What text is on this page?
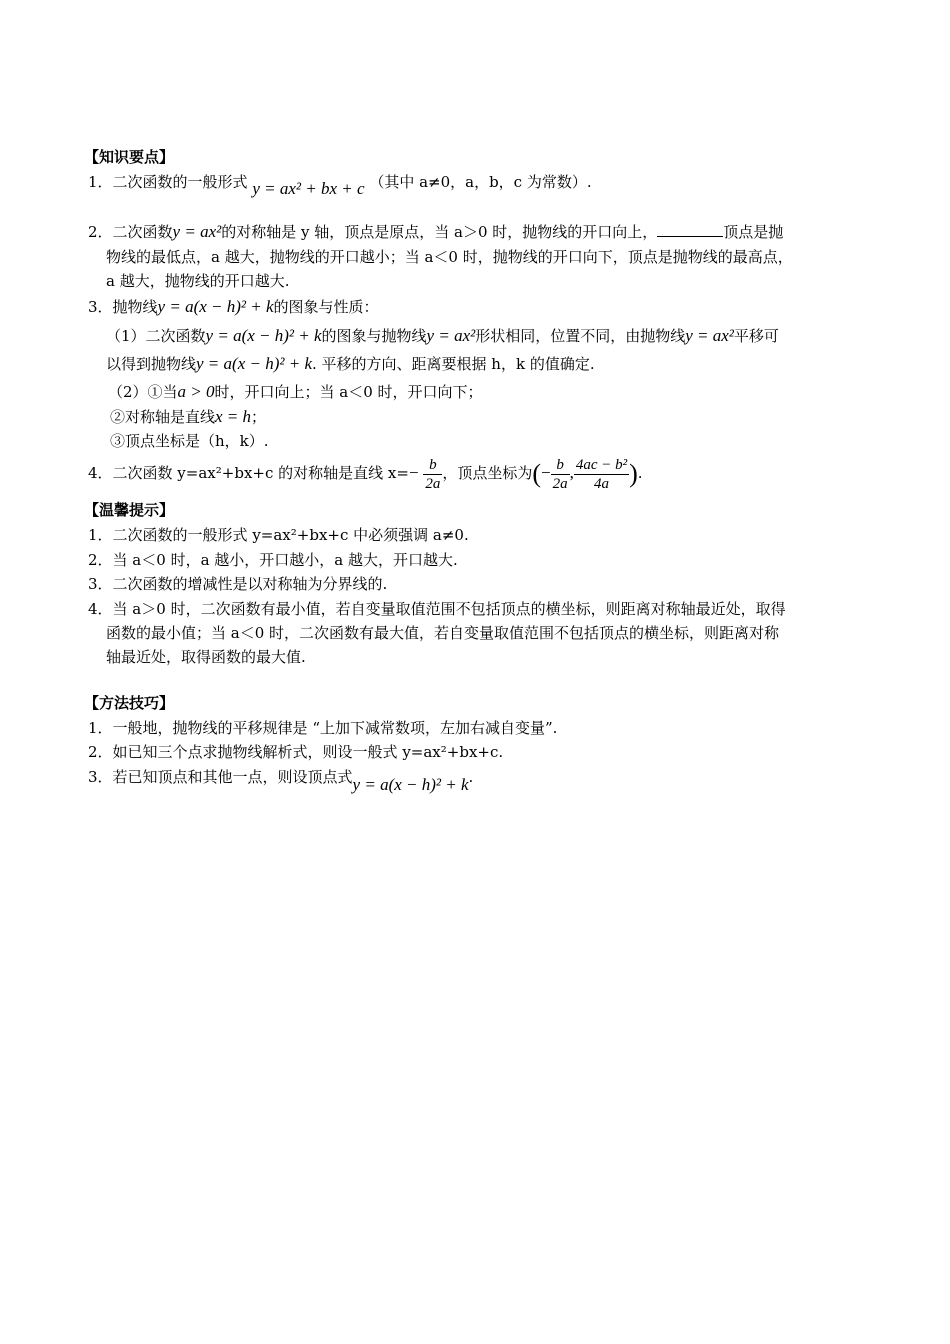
【知识要点】
1．二次函数的一般形式 y = ax² + bx + c （其中 a≠0，a，b，c 为常数）.
2．二次函数y = ax²的对称轴是 y 轴，顶点是原点，当 a＞0 时，抛物线的开口向上，	顶点是抛
物线的最低点，a 越大，抛物线的开口越小；当 a＜0 时，抛物线的开口向下，顶点是抛物线的最高点，
a 越大，抛物线的开口越大.
3．抛物线y = a(x − h)² + k的图象与性质：
（1）二次函数y = a(x − h)² + k的图象与抛物线y = ax²形状相同，位置不同，由抛物线y = ax²平移可
以得到抛物线y = a(x − h)² + k. 平移的方向、距离要根据 h，k 的值确定.
（2）①当a > 0时，开口向上；当 a＜0 时，开口向下；
②对称轴是直线x = h；
③顶点坐标是（h，k）.
4．二次函数 y=ax²+bx+c 的对称轴是直线 $x=- \frac{b}{2a}$ ，顶点坐标为(− $\frac{b}{2a}$ , $\frac{\text{4ac − b²}}{4a}$ ).
【温馨提示】
1．二次函数的一般形式 y=ax²+bx+c 中必须强调 a≠0.
2．当 a＜0 时，a 越小，开口越小，a 越大，开口越大.
3．二次函数的增减性是以对称轴为分界线的.
4．当 a＞0 时，二次函数有最小值，若自变量取值范围不包括顶点的横坐标，则距离对称轴最近处，取得
函数的最小值；当 a＜0 时，二次函数有最大值，若自变量取值范围不包括顶点的横坐标，则距离对称
轴最近处，取得函数的最大值.
【方法技巧】
1．一般地，抛物线的平移规律是 “上加下减常数项，左加右减自变量”.
2．如已知三个点求抛物线解析式，则设一般式 y=ax²+bx+c.
3．若已知顶点和其他一点，则设顶点式y = a(x − h)² + k.
